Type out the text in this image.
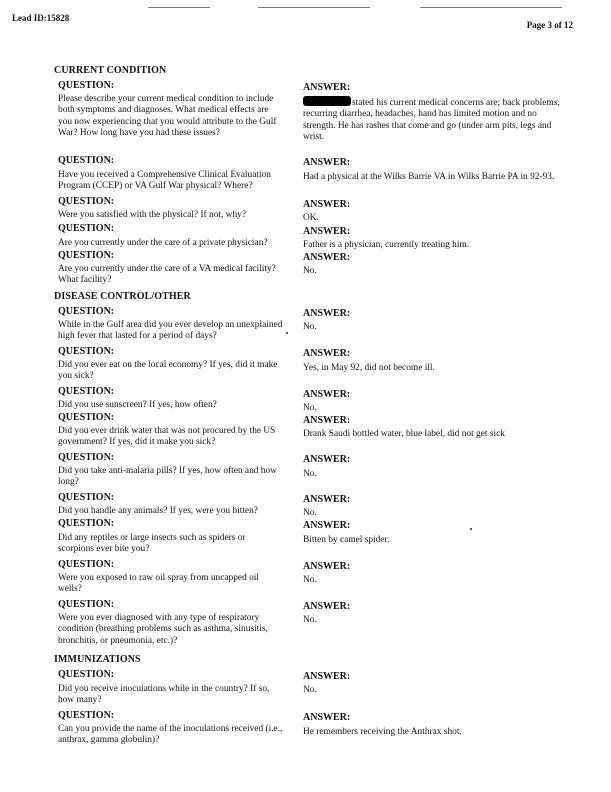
Lead ID:15828
Page 3 of 12
CURRENT CONDITION
QUESTION:
Please describe your current medical condition to include both symptoms and diagnoses. What medical effects are you now experiencing that you would attribute to the Gulf War? How long have you had these issues?
ANSWER:
stated his current medical concerns are; back problems, recurring diarrhea, headaches, hand has limited motion and no strength. He has rashes that come and go (under arm pits, legs and wrist.
QUESTION:
Have you received a Comprehensive Clinical Evaluation Program (CCEP) or VA Gulf War physical? Where?
ANSWER:
Had a physical at the Wilks Barrie VA in Wilks Barrie PA in 92-93.
QUESTION:
Were you satisfied with the physical? If not, why?
ANSWER:
OK.
QUESTION:
Are you currently under the care of a private physician?
ANSWER:
Father is a physician, currently treating him.
QUESTION:
Are you currently under the care of a VA medical facility? What facility?
ANSWER:
No.
DISEASE CONTROL/OTHER
QUESTION:
While in the Gulf area did you ever develop an unexplained high fever that lasted for a period of days?
ANSWER:
No.
QUESTION:
Did you ever eat on the local economy? If yes, did it make you sick?
ANSWER:
Yes, in May 92, did not become ill.
QUESTION:
Did you use sunscreen? If yes, how often?
ANSWER:
No.
QUESTION:
Did you ever drink water that was not procured by the US government? If yes, did it make you sick?
ANSWER:
Drank Saudi bottled water, blue label, did not get sick
QUESTION:
Did you take anti-malaria pills? If yes, how often and how long?
ANSWER:
No.
QUESTION:
Did you handle any animals? If yes, were you bitten?
ANSWER:
No.
QUESTION:
Did any reptiles or large insects such as spiders or scorpions ever bite you?
ANSWER:
Bitten by camel spider.
QUESTION:
Were you exposed to raw oil spray from uncapped oil wells?
ANSWER:
No.
QUESTION:
Were you ever diagnosed with any type of respiratory condition (breathing problems such as asthma, sinusitis, bronchitis, or pneumonia, etc.)?
ANSWER:
No.
IMMUNIZATIONS
QUESTION:
Did you receive inoculations while in the country? If so, how many?
ANSWER:
No.
QUESTION:
Can you provide the name of the inoculations received (i.e., anthrax, gamma globulin)?
ANSWER:
He remembers receiving the Anthrax shot.
